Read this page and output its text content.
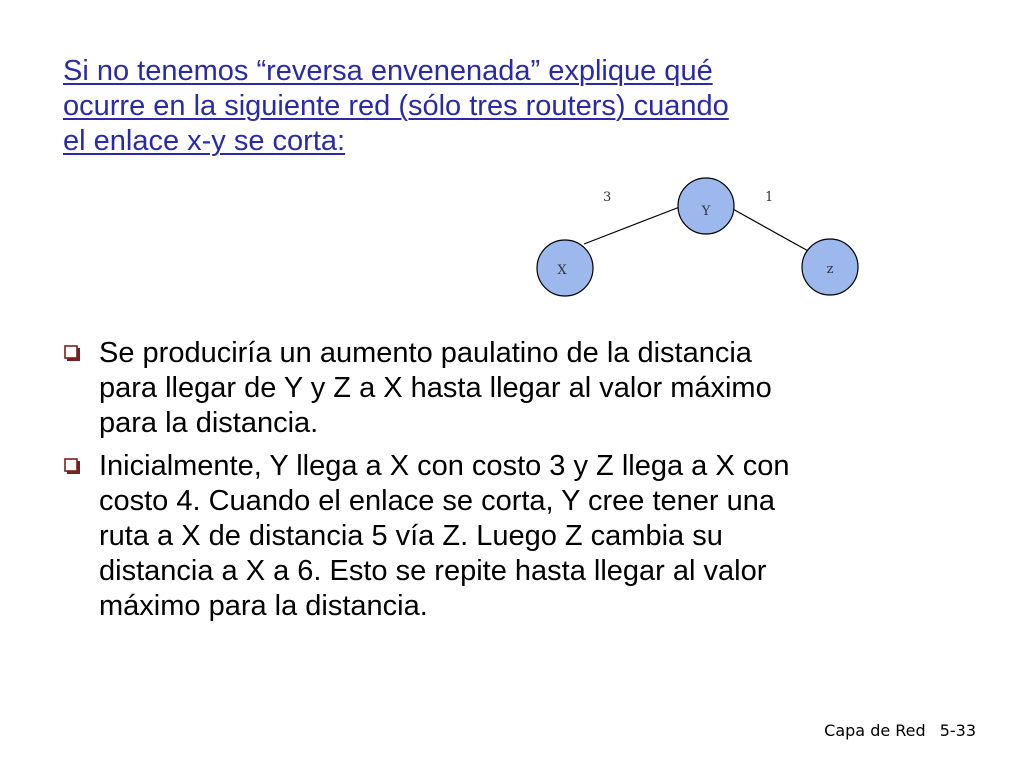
Si no tenemos “reversa envenenada” explique qué
ocurre en la siguiente red (sólo tres routers) cuando
el enlace x-y se corta:
3	1
Y
X	z
Se produciría un aumento paulatino de la distancia
para llegar de Y y Z a X hasta llegar al valor máximo
para la distancia.
Inicialmente, Y llega a X con costo 3 y Z llega a X con
costo 4. Cuando el enlace se corta, Y cree tener una
ruta a X de distancia 5 vía Z. Luego Z cambia su
distancia a X a 6. Esto se repite hasta llegar al valor
máximo para la distancia.
Capa de Red 5-33
